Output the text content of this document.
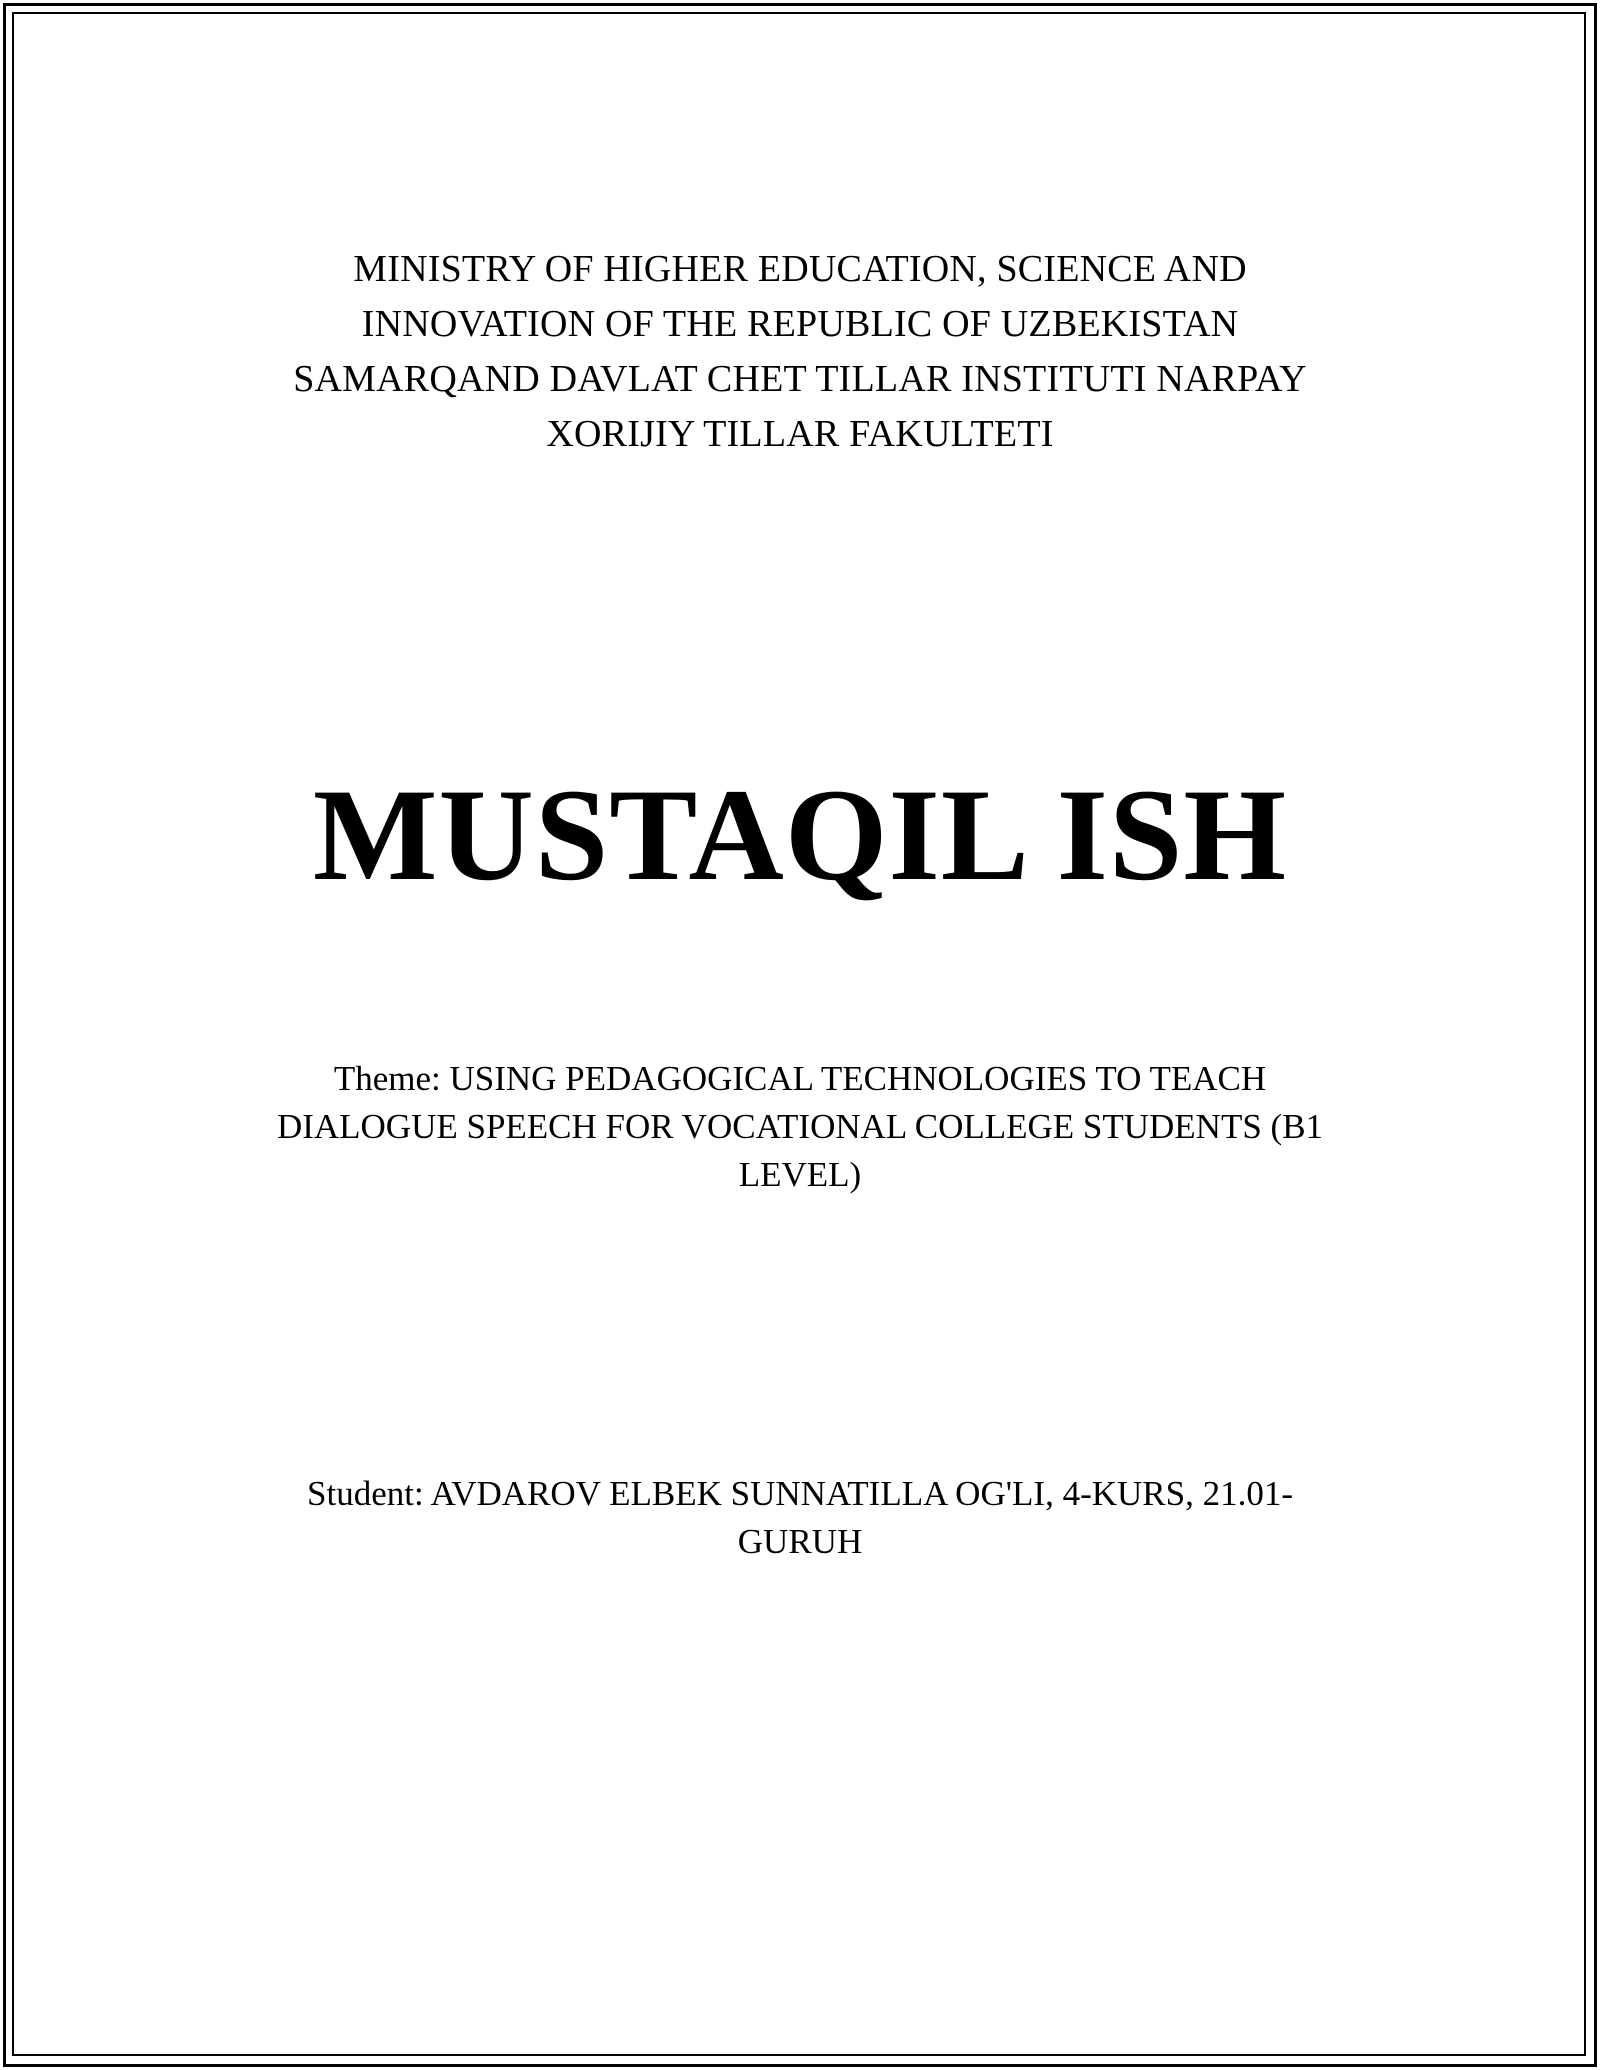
MINISTRY OF HIGHER EDUCATION, SCIENCE AND
INNOVATION OF THE REPUBLIC OF UZBEKISTAN
SAMARQAND DAVLAT CHET TILLAR INSTITUTI NARPAY
XORIJIY TILLAR FAKULTETI
MUSTAQIL ISH
Theme: USING PEDAGOGICAL TECHNOLOGIES TO TEACH
DIALOGUE SPEECH FOR VOCATIONAL COLLEGE STUDENTS (B1
LEVEL)
Student: AVDAROV ELBEK SUNNATILLA OG'LI, 4-KURS, 21.01-
GURUH
